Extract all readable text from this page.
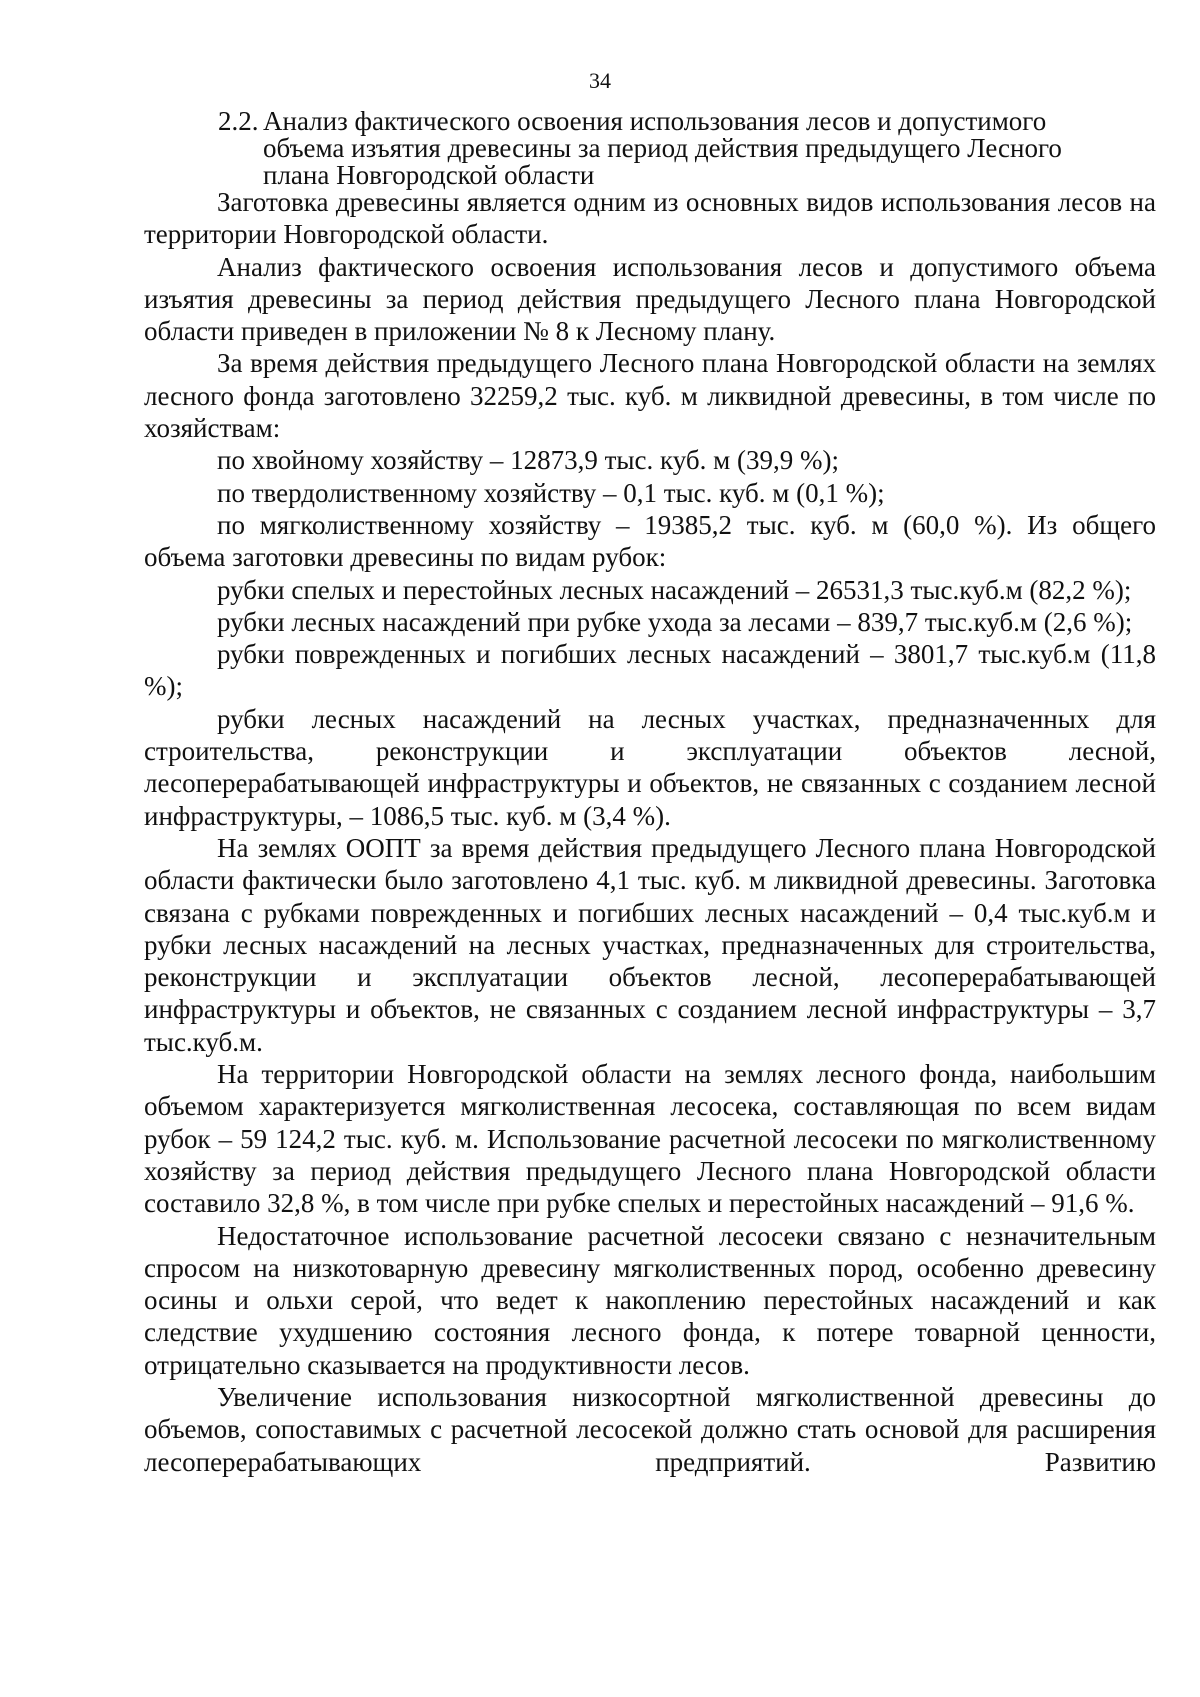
34
2.2. Анализ фактического освоения использования лесов и допустимого
объема изъятия древесины за период действия предыдущего Лесного
плана Новгородской области

Заготовка древесины является одним из основных видов использования лесов на территории Новгородской области.

Анализ фактического освоения использования лесов и допустимого объема изъятия древесины за период действия предыдущего Лесного плана Новгородской области приведен в приложении № 8 к Лесному плану.

За время действия предыдущего Лесного плана Новгородской области на землях лесного фонда заготовлено 32259,2 тыс. куб. м ликвидной древесины, в том числе по хозяйствам:

по хвойному хозяйству – 12873,9 тыс. куб. м (39,9 %);

по твердолиственному хозяйству – 0,1 тыс. куб. м (0,1 %);

по мягколиственному хозяйству – 19385,2 тыс. куб. м (60,0 %). Из общего объема заготовки древесины по видам рубок:

рубки спелых и перестойных лесных насаждений – 26531,3 тыс.куб.м (82,2 %);

рубки лесных насаждений при рубке ухода за лесами – 839,7 тыс.куб.м (2,6 %);

рубки поврежденных и погибших лесных насаждений – 3801,7 тыс.куб.м (11,8 %);

рубки лесных насаждений на лесных участках, предназначенных для строительства, реконструкции и эксплуатации объектов лесной, лесоперерабатывающей инфраструктуры и объектов, не связанных с созданием лесной инфраструктуры, – 1086,5 тыс. куб. м (3,4 %).

На землях ООПТ за время действия предыдущего Лесного плана Новгородской области фактически было заготовлено 4,1 тыс. куб. м ликвидной древесины. Заготовка связана с рубками поврежденных и погибших лесных насаждений – 0,4 тыс.куб.м и рубки лесных насаждений на лесных участках, предназначенных для строительства, реконструкции и эксплуатации объектов лесной, лесоперерабатывающей инфраструктуры и объектов, не связанных с созданием лесной инфраструктуры – 3,7 тыс.куб.м.

На территории Новгородской области на землях лесного фонда, наибольшим объемом характеризуется мягколиственная лесосека, составляющая по всем видам рубок – 59 124,2 тыс. куб. м. Использование расчетной лесосеки по мягколиственному хозяйству за период действия предыдущего Лесного плана Новгородской области составило 32,8 %, в том числе при рубке спелых и перестойных насаждений – 91,6 %.

Недостаточное использование расчетной лесосеки связано с незначительным спросом на низкотоварную древесину мягколиственных пород, особенно древесину осины и ольхи серой, что ведет к накоплению перестойных насаждений и как следствие ухудшению состояния лесного фонда, к потере товарной ценности, отрицательно сказывается на продуктивности лесов.

Увеличение использования низкосортной мягколиственной древесины до объемов, сопоставимых с расчетной лесосекой должно стать основой для расширения лесоперерабатывающих предприятий. Развитию
